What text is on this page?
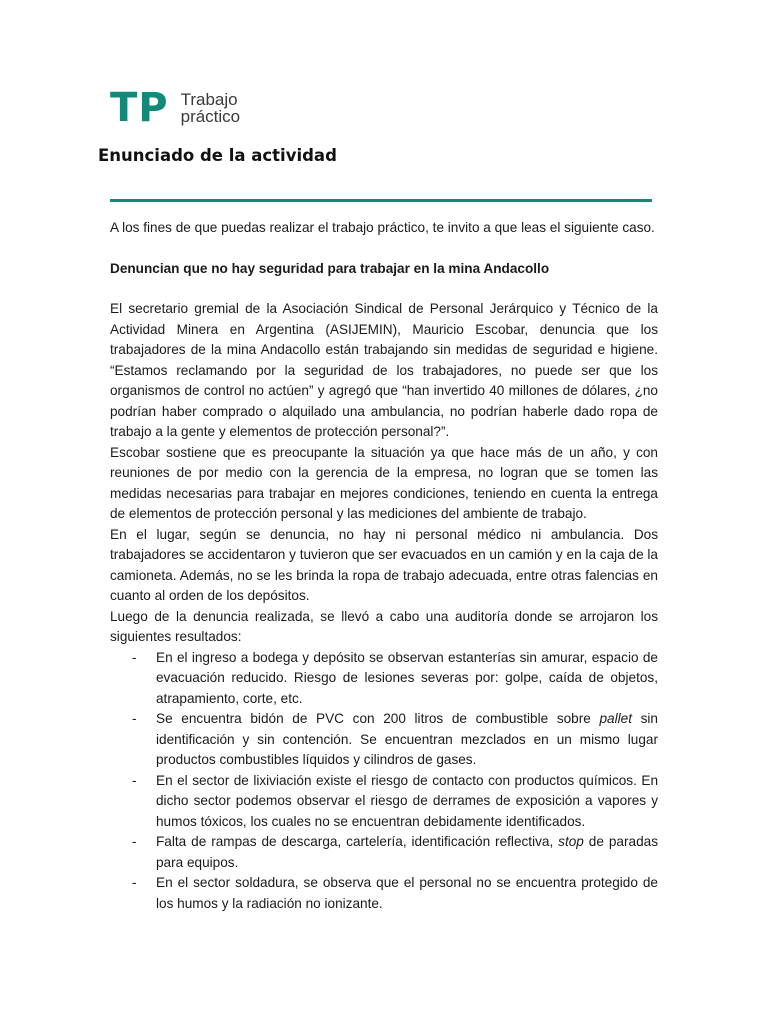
TP Trabajo
práctico
Enunciado de la actividad

A los fines de que puedas realizar el trabajo práctico, te invito a que leas el siguiente caso.

Denuncian que no hay seguridad para trabajar en la mina Andacollo

El secretario gremial de la Asociación Sindical de Personal Jerárquico y Técnico de la Actividad Minera en Argentina (ASIJEMIN), Mauricio Escobar, denuncia que los trabajadores de la mina Andacollo están trabajando sin medidas de seguridad e higiene. “Estamos reclamando por la seguridad de los trabajadores, no puede ser que los organismos de control no actúen” y agregó que “han invertido 40 millones de dólares, ¿no podrían haber comprado o alquilado una ambulancia, no podrían haberle dado ropa de trabajo a la gente y elementos de protección personal?”.

Escobar sostiene que es preocupante la situación ya que hace más de un año, y con reuniones de por medio con la gerencia de la empresa, no logran que se tomen las medidas necesarias para trabajar en mejores condiciones, teniendo en cuenta la entrega de elementos de protección personal y las mediciones del ambiente de trabajo.

En el lugar, según se denuncia, no hay ni personal médico ni ambulancia. Dos trabajadores se accidentaron y tuvieron que ser evacuados en un camión y en la caja de la camioneta. Además, no se les brinda la ropa de trabajo adecuada, entre otras falencias en cuanto al orden de los depósitos.

Luego de la denuncia realizada, se llevó a cabo una auditoría donde se arrojaron los siguientes resultados:

- En el ingreso a bodega y depósito se observan estanterías sin amurar, espacio de evacuación reducido. Riesgo de lesiones severas por: golpe, caída de objetos, atrapamiento, corte, etc.
- Se encuentra bidón de PVC con 200 litros de combustible sobre pallet sin identificación y sin contención. Se encuentran mezclados en un mismo lugar productos combustibles líquidos y cilindros de gases.
- En el sector de lixiviación existe el riesgo de contacto con productos químicos. En dicho sector podemos observar el riesgo de derrames de exposición a vapores y humos tóxicos, los cuales no se encuentran debidamente identificados.
- Falta de rampas de descarga, cartelería, identificación reflectiva, stop de paradas para equipos.
- En el sector soldadura, se observa que el personal no se encuentra protegido de los humos y la radiación no ionizante.
